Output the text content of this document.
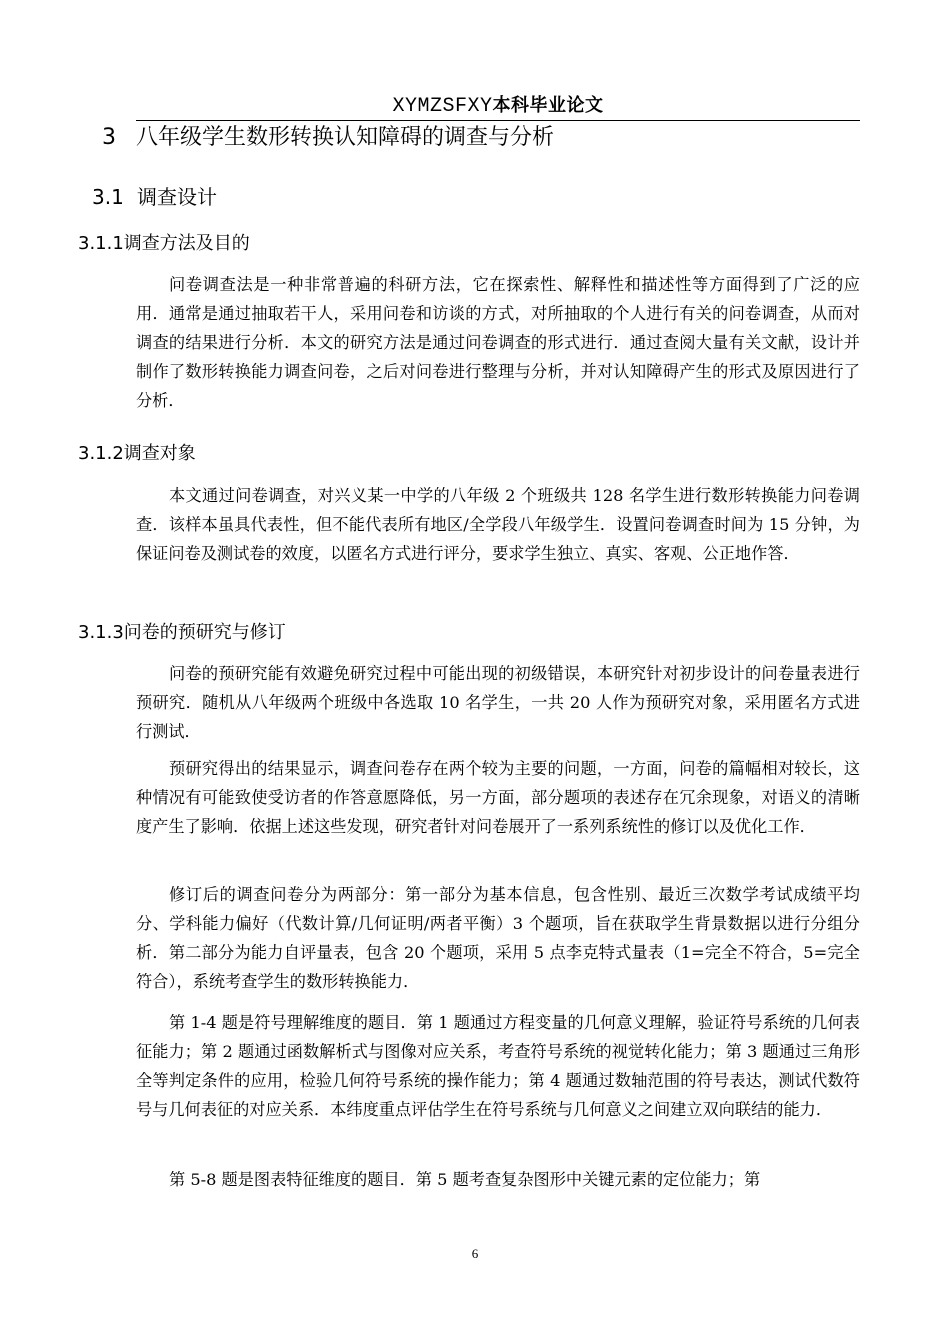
XYMZSFXY本科毕业论文
3 八年级学生数形转换认知障碍的调查与分析
3.1 调查设计
3.1.1调查方法及目的

问卷调查法是一种非常普遍的科研方法，它在探索性、解释性和描述性等方面得到了广泛的应用．通常是通过抽取若干人，采用问卷和访谈的方式，对所抽取的个人进行有关的问卷调查，从而对调查的结果进行分析．本文的研究方法是通过问卷调查的形式进行．通过查阅大量有关文献，设计并制作了数形转换能力调查问卷，之后对问卷进行整理与分析，并对认知障碍产生的形式及原因进行了分析．

3.1.2调查对象

本文通过问卷调查，对兴义某一中学的八年级 2 个班级共 128 名学生进行数形转换能力问卷调查．该样本虽具代表性，但不能代表所有地区/全学段八年级学生．设置问卷调查时间为 15 分钟，为保证问卷及测试卷的效度，以匿名方式进行评分，要求学生独立、真实、客观、公正地作答．

3.1.3问卷的预研究与修订

问卷的预研究能有效避免研究过程中可能出现的初级错误，本研究针对初步设计的问卷量表进行预研究．随机从八年级两个班级中各选取 10 名学生，一共 20 人作为预研究对象，采用匿名方式进行测试．

预研究得出的结果显示，调查问卷存在两个较为主要的问题，一方面，问卷的篇幅相对较长，这种情况有可能致使受访者的作答意愿降低，另一方面，部分题项的表述存在冗余现象，对语义的清晰度产生了影响．依据上述这些发现，研究者针对问卷展开了一系列系统性的修订以及优化工作．

修订后的调查问卷分为两部分：第一部分为基本信息，包含性别、最近三次数学考试成绩平均分、学科能力偏好（代数计算/几何证明/两者平衡）3 个题项，旨在获取学生背景数据以进行分组分析．第二部分为能力自评量表，包含 20 个题项，采用 5 点李克特式量表（1=完全不符合，5=完全符合），系统考查学生的数形转换能力．

第 1-4 题是符号理解维度的题目．第 1 题通过方程变量的几何意义理解，验证符号系统的几何表征能力；第 2 题通过函数解析式与图像对应关系，考查符号系统的视觉转化能力；第 3 题通过三角形全等判定条件的应用，检验几何符号系统的操作能力；第 4 题通过数轴范围的符号表达，测试代数符号与几何表征的对应关系．本纬度重点评估学生在符号系统与几何意义之间建立双向联结的能力．

第 5-8 题是图表特征维度的题目．第 5 题考查复杂图形中关键元素的定位能力；第

6
